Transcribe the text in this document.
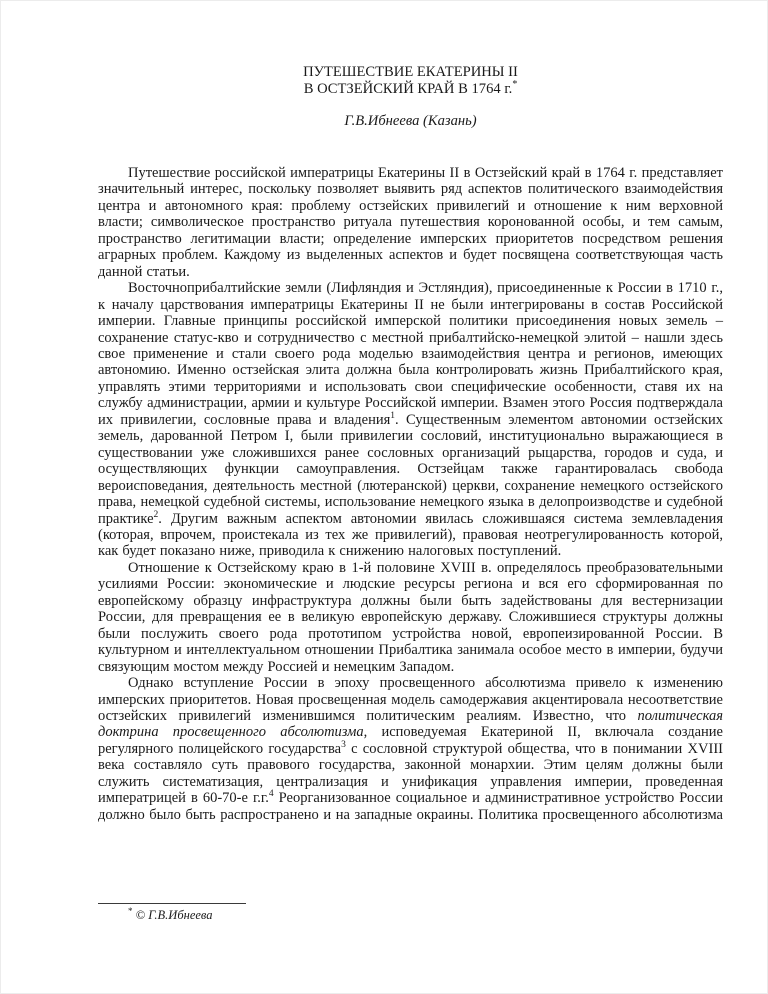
ПУТЕШЕСТВИЕ ЕКАТЕРИНЫ II
В ОСТЗЕЙСКИЙ КРАЙ В 1764 г.*
Г.В.Ибнеева (Казань)

Путешествие российской императрицы Екатерины II в Остзейский край в 1764 г. представляет значительный интерес, поскольку позволяет выявить ряд аспектов политического взаимодействия центра и автономного края: проблему остзейских привилегий и отношение к ним верховной власти; символическое пространство ритуала путешествия коронованной особы, и тем самым, пространство легитимации власти; определение имперских приоритетов посредством решения аграрных проблем. Каждому из выделенных аспектов и будет посвящена соответствующая часть данной статьи.

Восточноприбалтийские земли (Лифляндия и Эстляндия), присоединенные к России в 1710 г., к началу царствования императрицы Екатерины II не были интегрированы в состав Российской империи. Главные принципы российской имперской политики присоединения новых земель – сохранение статус-кво и сотрудничество с местной прибалтийско-немецкой элитой – нашли здесь свое применение и стали своего рода моделью взаимодействия центра и регионов, имеющих автономию. Именно остзейская элита должна была контролировать жизнь Прибалтийского края, управлять этими территориями и использовать свои специфические особенности, ставя их на службу администрации, армии и культуре Российской империи. Взамен этого Россия подтверждала их привилегии, сословные права и владения$^1$. Существенным элементом автономии остзейских земель, дарованной Петром I, были привилегии сословий, институционально выражающиеся в существовании уже сложившихся ранее сословных организаций рыцарства, городов и суда, и осуществляющих функции самоуправления. Остзейцам также гарантировалась свобода вероисповедания, деятельность местной (лютеранской) церкви, сохранение немецкого остзейского права, немецкой судебной системы, использование немецкого языка в делопроизводстве и судебной практике$^2$. Другим важным аспектом автономии явилась сложившаяся система землевладения (которая, впрочем, проистекала из тех же привилегий), правовая неотрегулированность которой, как будет показано ниже, приводила к снижению налоговых поступлений.

Отношение к Остзейскому краю в 1-й половине XVIII в. определялось преобразовательными усилиями России: экономические и людские ресурсы региона и вся его сформированная по европейскому образцу инфраструктура должны были быть задействованы для вестернизации России, для превращения ее в великую европейскую державу. Сложившиеся структуры должны были послужить своего рода прототипом устройства новой, европеизированной России. В культурном и интеллектуальном отношении Прибалтика занимала особое место в империи, будучи связующим мостом между Россией и немецким Западом.

Однако вступление России в эпоху просвещенного абсолютизма привело к изменению имперских приоритетов. Новая просвещенная модель самодержавия акцентировала несоответствие остзейских привилегий изменившимся политическим реалиям. Известно, что политическая доктрина просвещенного абсолютизма, исповедуемая Екатериной II, включала создание регулярного полицейского государства$^3$ с сословной структурой общества, что в понимании XVIII века составляло суть правового государства, законной монархии. Этим целям должны были служить систематизация, централизация и унификация управления империи, проведенная императрицей в 60-70-е г.г.$^4$ Реорганизованное социальное и административное устройство России должно было быть распространено и на западные окраины. Политика просвещенного абсолютизма

* © Г.В.Ибнеева
